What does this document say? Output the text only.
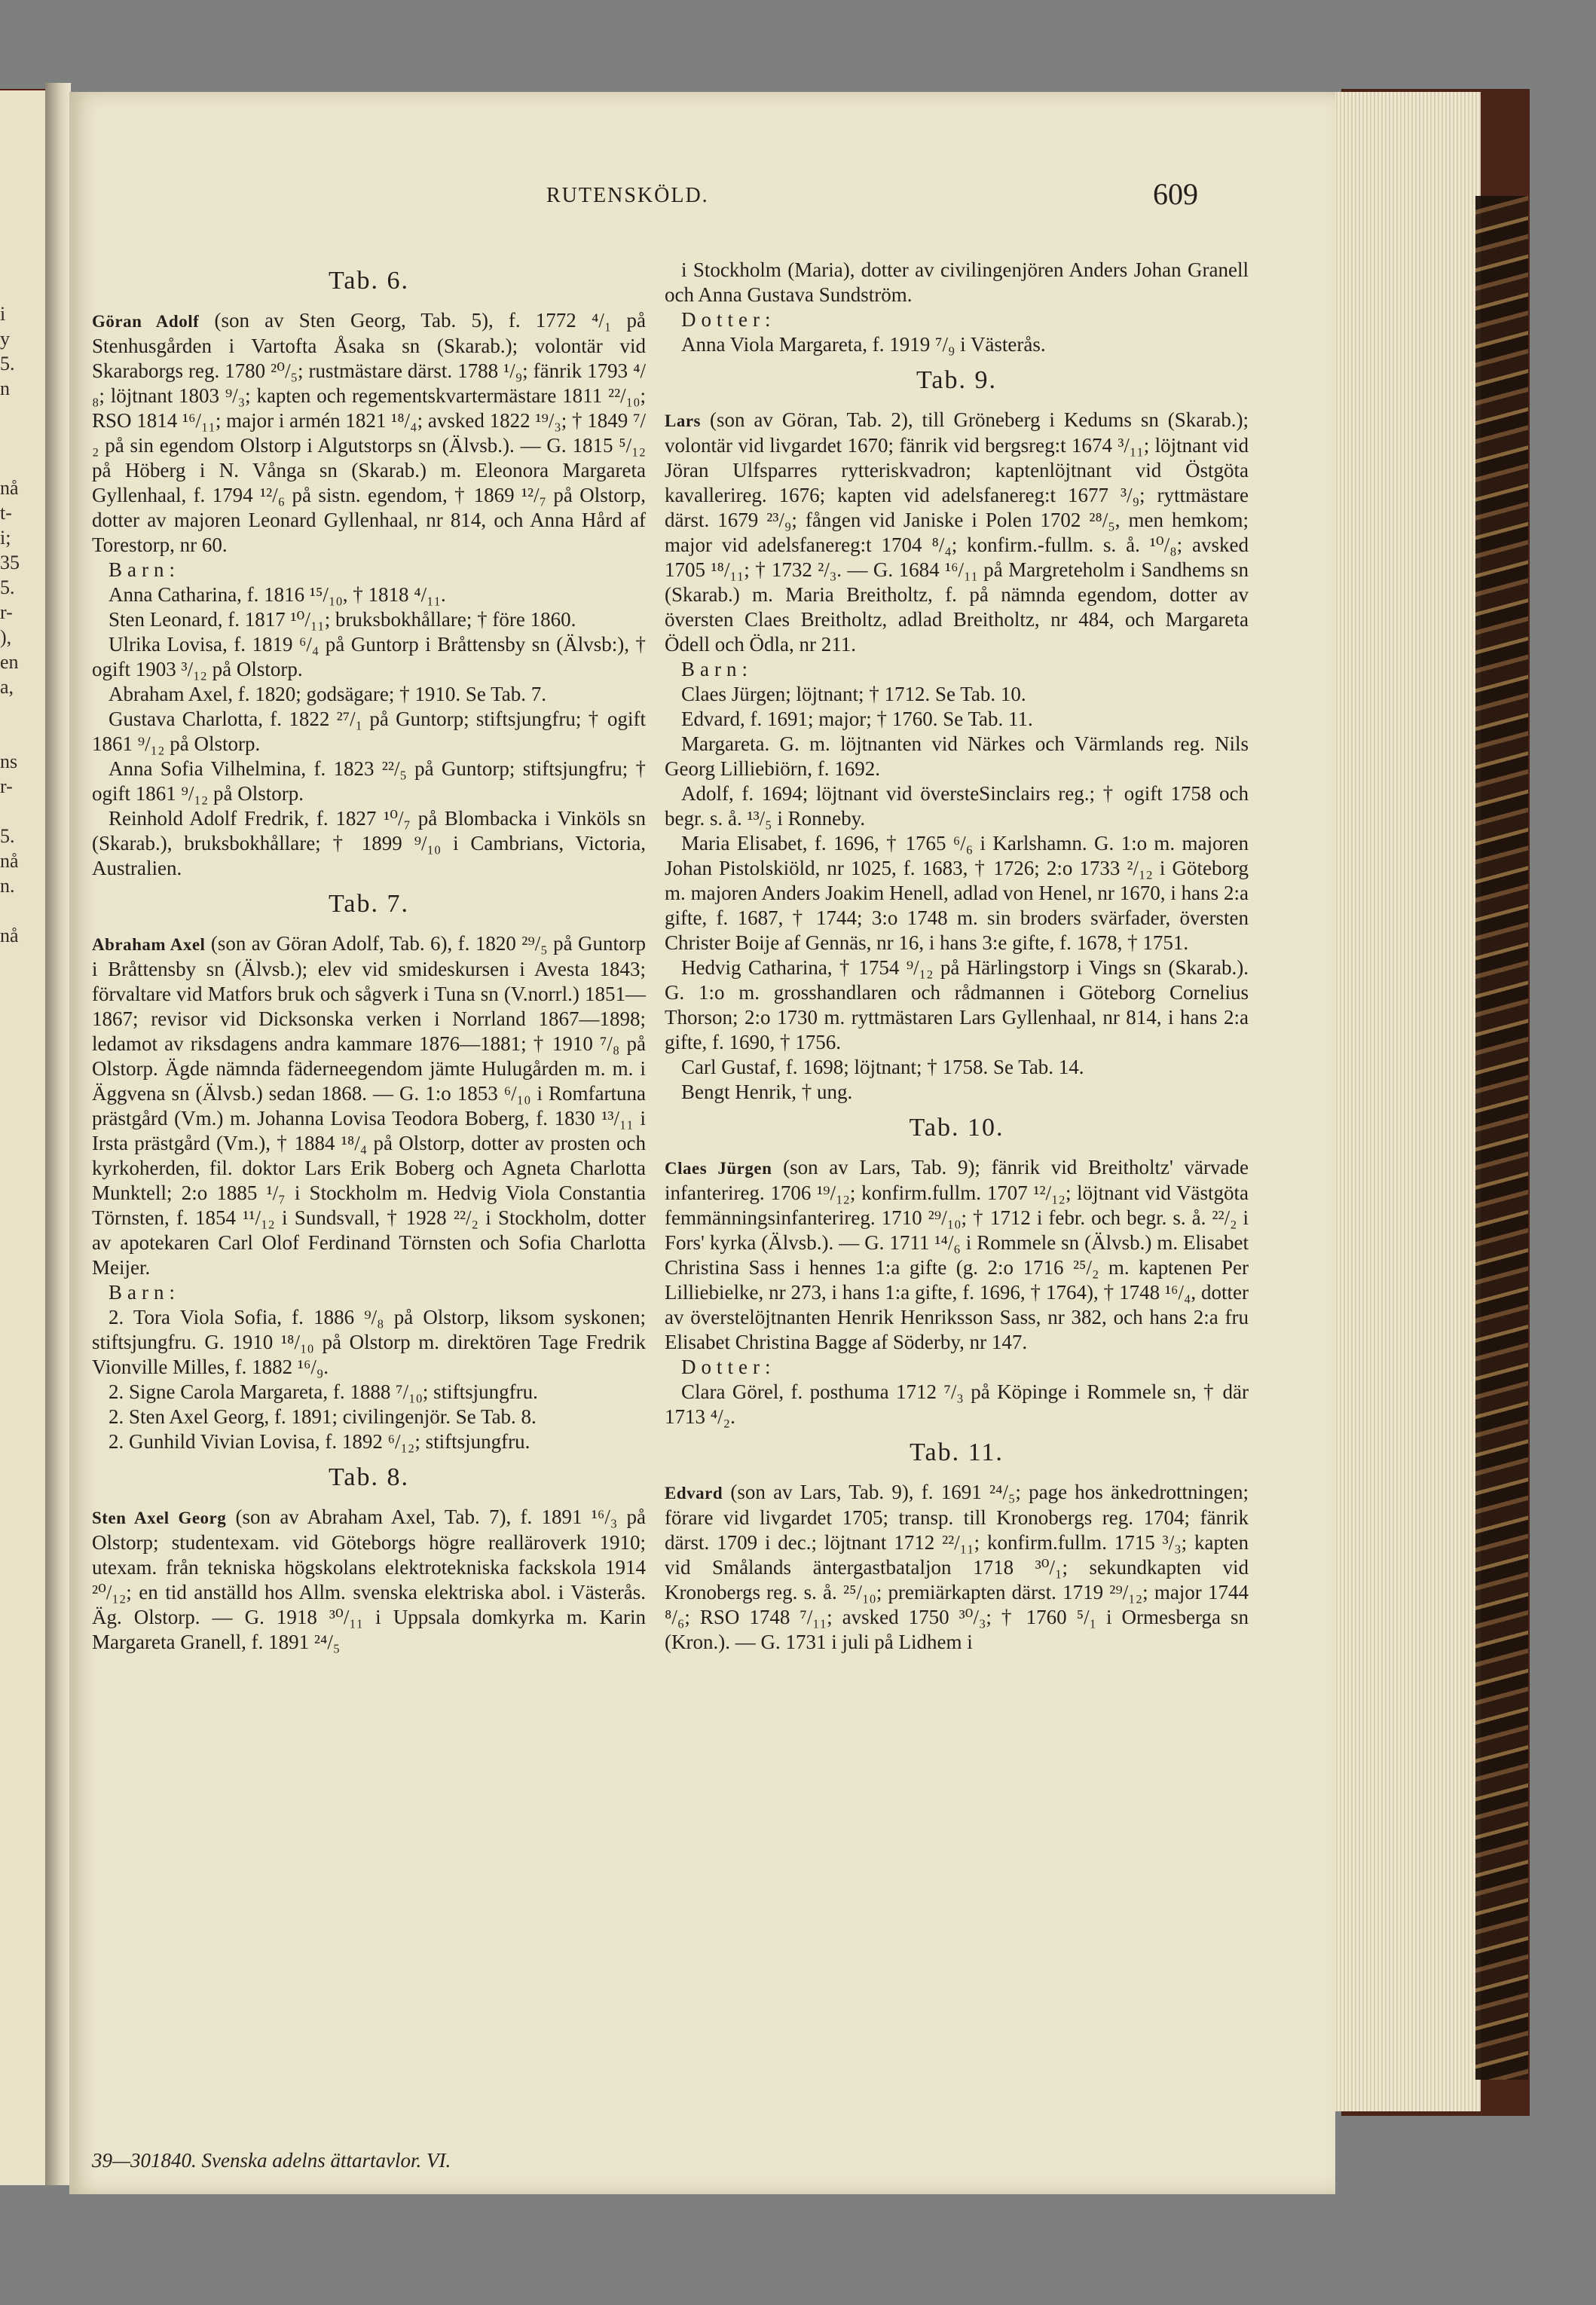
i
y
5.
n
nå
t-
i;
35
5.
r-
),
en
a,
ns
r-
5.
nå
n.
nå
RUTENSKÖLD.	609

Tab. 6.

Göran Adolf (son av Sten Georg, Tab. 5), f. 1772 ⁴/₁ på Stenhusgården i Vartofta Åsaka sn (Skarab.); volontär vid Skaraborgs reg. 1780 ²⁰/₅; rustmästare därst. 1788 ¹/₉; fänrik 1793 ⁴/₈; löjtnant 1803 ⁹/₃; kapten och regementskvartermästare 1811 ²²/₁₀; RSO 1814 ¹⁶/₁₁; major i armén 1821 ¹⁸/₄; avsked 1822 ¹⁹/₃; † 1849 ⁷/₂ på sin egendom Olstorp i Algutstorps sn (Älvsb.). — G. 1815 ⁵/₁₂ på Höberg i N. Vånga sn (Skarab.) m. Eleonora Margareta Gyllenhaal, f. 1794 ¹²/₆ på sistn. egendom, † 1869 ¹²/₇ på Olstorp, dotter av majoren Leonard Gyllenhaal, nr 814, och Anna Hård af Torestorp, nr 60.

Barn:

Anna Catharina, f. 1816 ¹⁵/₁₀, † 1818 ⁴/₁₁.

Sten Leonard, f. 1817 ¹⁰/₁₁; bruksbokhållare; † före 1860.

Ulrika Lovisa, f. 1819 ⁶/₄ på Guntorp i Bråttensby sn (Älvsb:), † ogift 1903 ³/₁₂ på Olstorp.

Abraham Axel, f. 1820; godsägare; † 1910. Se Tab. 7.

Gustava Charlotta, f. 1822 ²⁷/₁ på Guntorp; stiftsjungfru; † ogift 1861 ⁹/₁₂ på Olstorp.

Anna Sofia Vilhelmina, f. 1823 ²²/₅ på Guntorp; stiftsjungfru; † ogift 1861 ⁹/₁₂ på Olstorp.

Reinhold Adolf Fredrik, f. 1827 ¹⁰/₇ på Blombacka i Vinköls sn (Skarab.), bruksbokhållare; † 1899 ⁹/₁₀ i Cambrians, Victoria, Australien.

Tab. 7.

Abraham Axel (son av Göran Adolf, Tab. 6), f. 1820 ²⁹/₅ på Guntorp i Bråttensby sn (Älvsb.); elev vid smideskursen i Avesta 1843; förvaltare vid Matfors bruk och sågverk i Tuna sn (V.norrl.) 1851—1867; revisor vid Dicksonska verken i Norrland 1867—1898; ledamot av riksdagens andra kammare 1876—1881; † 1910 ⁷/₈ på Olstorp. Ägde nämnda fäderneegendom jämte Hulugården m. m. i Äggvena sn (Älvsb.) sedan 1868. — G. 1:o 1853 ⁶/₁₀ i Romfartuna prästgård (Vm.) m. Johanna Lovisa Teodora Boberg, f. 1830 ¹³/₁₁ i Irsta prästgård (Vm.), † 1884 ¹⁸/₄ på Olstorp, dotter av prosten och kyrkoherden, fil. doktor Lars Erik Boberg och Agneta Charlotta Munktell; 2:o 1885 ¹/₇ i Stockholm m. Hedvig Viola Constantia Törnsten, f. 1854 ¹¹/₁₂ i Sundsvall, † 1928 ²²/₂ i Stockholm, dotter av apotekaren Carl Olof Ferdinand Törnsten och Sofia Charlotta Meijer.

Barn:

2. Tora Viola Sofia, f. 1886 ⁹/₈ på Olstorp, liksom syskonen; stiftsjungfru. G. 1910 ¹⁸/₁₀ på Olstorp m. direktören Tage Fredrik Vionville Milles, f. 1882 ¹⁶/₉.

2. Signe Carola Margareta, f. 1888 ⁷/₁₀; stiftsjungfru.

2. Sten Axel Georg, f. 1891; civilingenjör. Se Tab. 8.

2. Gunhild Vivian Lovisa, f. 1892 ⁶/₁₂; stiftsjungfru.

Tab. 8.

Sten Axel Georg (son av Abraham Axel, Tab. 7), f. 1891 ¹⁶/₃ på Olstorp; studentexam. vid Göteborgs högre realläroverk 1910; utexam. från tekniska högskolans elektrotekniska fackskola 1914 ²⁰/₁₂; en tid anställd hos Allm. svenska elektriska abol. i Västerås. Äg. Olstorp. — G. 1918 ³⁰/₁₁ i Uppsala domkyrka m. Karin Margareta Granell, f. 1891 ²⁴/₅

i Stockholm (Maria), dotter av civilingenjören Anders Johan Granell och Anna Gustava Sundström.

Dotter:

Anna Viola Margareta, f. 1919 ⁷/₉ i Västerås.

Tab. 9.

Lars (son av Göran, Tab. 2), till Gröneberg i Kedums sn (Skarab.); volontär vid livgardet 1670; fänrik vid bergsreg:t 1674 ³/₁₁; löjtnant vid Jöran Ulfsparres rytteriskvadron; kaptenlöjtnant vid Östgöta kavallerireg. 1676; kapten vid adelsfanereg:t 1677 ³/₉; ryttmästare därst. 1679 ²³/₉; fången vid Janiske i Polen 1702 ²⁸/₅, men hemkom; major vid adelsfanereg:t 1704 ⁸/₄; konfirm.-fullm. s. å. ¹⁰/₈; avsked 1705 ¹⁸/₁₁; † 1732 ²/₃. — G. 1684 ¹⁶/₁₁ på Margreteholm i Sandhems sn (Skarab.) m. Maria Breitholtz, f. på nämnda egendom, dotter av översten Claes Breitholtz, adlad Breitholtz, nr 484, och Margareta Ödell och Ödla, nr 211.

Barn:

Claes Jürgen; löjtnant; † 1712. Se Tab. 10.

Edvard, f. 1691; major; † 1760. Se Tab. 11.

Margareta. G. m. löjtnanten vid Närkes och Värmlands reg. Nils Georg Lilliebiörn, f. 1692.

Adolf, f. 1694; löjtnant vid översteSinclairs reg.; † ogift 1758 och begr. s. å. ¹³/₅ i Ronneby.

Maria Elisabet, f. 1696, † 1765 ⁶/₆ i Karlshamn. G. 1:o m. majoren Johan Pistolskiöld, nr 1025, f. 1683, † 1726; 2:o 1733 ²/₁₂ i Göteborg m. majoren Anders Joakim Henell, adlad von Henel, nr 1670, i hans 2:a gifte, f. 1687, † 1744; 3:o 1748 m. sin broders svärfader, översten Christer Boije af Gennäs, nr 16, i hans 3:e gifte, f. 1678, † 1751.

Hedvig Catharina, † 1754 ⁹/₁₂ på Härlingstorp i Vings sn (Skarab.). G. 1:o m. grosshandlaren och rådmannen i Göteborg Cornelius Thorson; 2:o 1730 m. ryttmästaren Lars Gyllenhaal, nr 814, i hans 2:a gifte, f. 1690, † 1756.

Carl Gustaf, f. 1698; löjtnant; † 1758. Se Tab. 14.

Bengt Henrik, † ung.

Tab. 10.

Claes Jürgen (son av Lars, Tab. 9); fänrik vid Breitholtz' värvade infanterireg. 1706 ¹⁹/₁₂; konfirm.fullm. 1707 ¹²/₁₂; löjtnant vid Västgöta femmänningsinfanterireg. 1710 ²⁹/₁₀; † 1712 i febr. och begr. s. å. ²²/₂ i Fors' kyrka (Älvsb.). — G. 1711 ¹⁴/₆ i Rommele sn (Älvsb.) m. Elisabet Christina Sass i hennes 1:a gifte (g. 2:o 1716 ²⁵/₂ m. kaptenen Per Lilliebielke, nr 273, i hans 1:a gifte, f. 1696, † 1764), † 1748 ¹⁶/₄, dotter av överstelöjtnanten Henrik Henriksson Sass, nr 382, och hans 2:a fru Elisabet Christina Bagge af Söderby, nr 147.

Dotter:

Clara Görel, f. posthuma 1712 ⁷/₃ på Köpinge i Rommele sn, † där 1713 ⁴/₂.

Tab. 11.

Edvard (son av Lars, Tab. 9), f. 1691 ²⁴/₅; page hos änkedrottningen; förare vid livgardet 1705; transp. till Kronobergs reg. 1704; fänrik därst. 1709 i dec.; löjtnant 1712 ²²/₁₁; konfirm.fullm. 1715 ³/₃; kapten vid Smålands äntergastbataljon 1718 ³⁰/₁; sekundkapten vid Kronobergs reg. s. å. ²⁵/₁₀; premiärkapten därst. 1719 ²⁹/₁₂; major 1744 ⁸/₆; RSO 1748 ⁷/₁₁; avsked 1750 ³⁰/₃; † 1760 ⁵/₁ i Ormesberga sn (Kron.). — G. 1731 i juli på Lidhem i

39—301840. Svenska adelns ättartavlor. VI.
